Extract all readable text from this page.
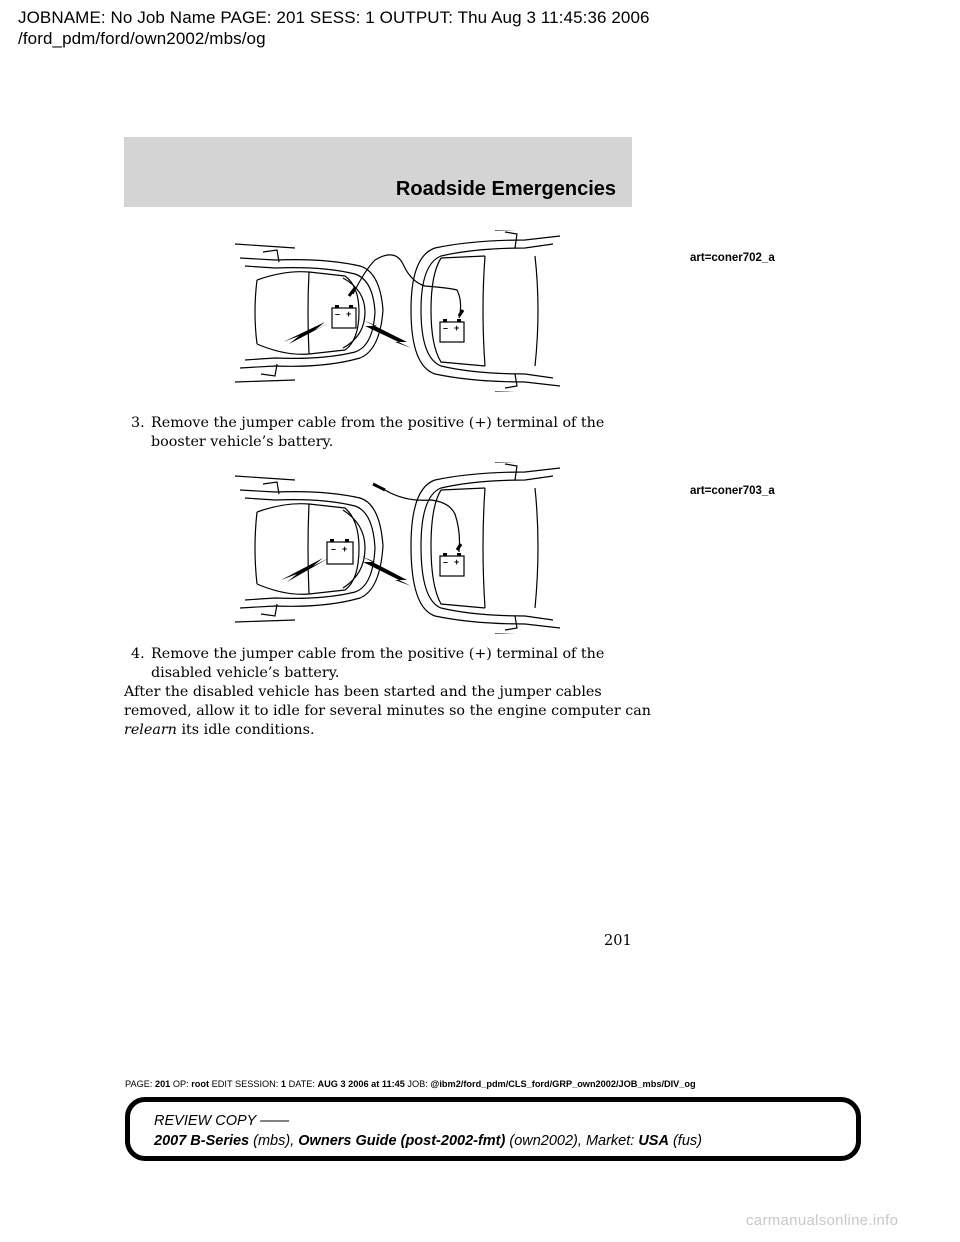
JOBNAME: No Job Name PAGE: 201 SESS: 1 OUTPUT: Thu Aug 3 11:45:36 2006
/ford_pdm/ford/own2002/mbs/og
Roadside Emergencies
– +
– +
art=coner702_a
3. Remove the jumper cable from the positive (+) terminal of the
booster vehicle’s battery.
– +
– +
art=coner703_a
4. Remove the jumper cable from the positive (+) terminal of the
disabled vehicle’s battery.
After the disabled vehicle has been started and the jumper cables
removed, allow it to idle for several minutes so the engine computer can
relearn its idle conditions.
201
PAGE: 201 OP: root EDIT SESSION: 1 DATE: AUG 3 2006 at 11:45 JOB: @ibm2/ford_pdm/CLS_ford/GRP_own2002/JOB_mbs/DIV_og
REVIEW COPY ——
2007 B-Series (mbs), Owners Guide (post-2002-fmt) (own2002), Market: USA (fus)
carmanualsonline.info
